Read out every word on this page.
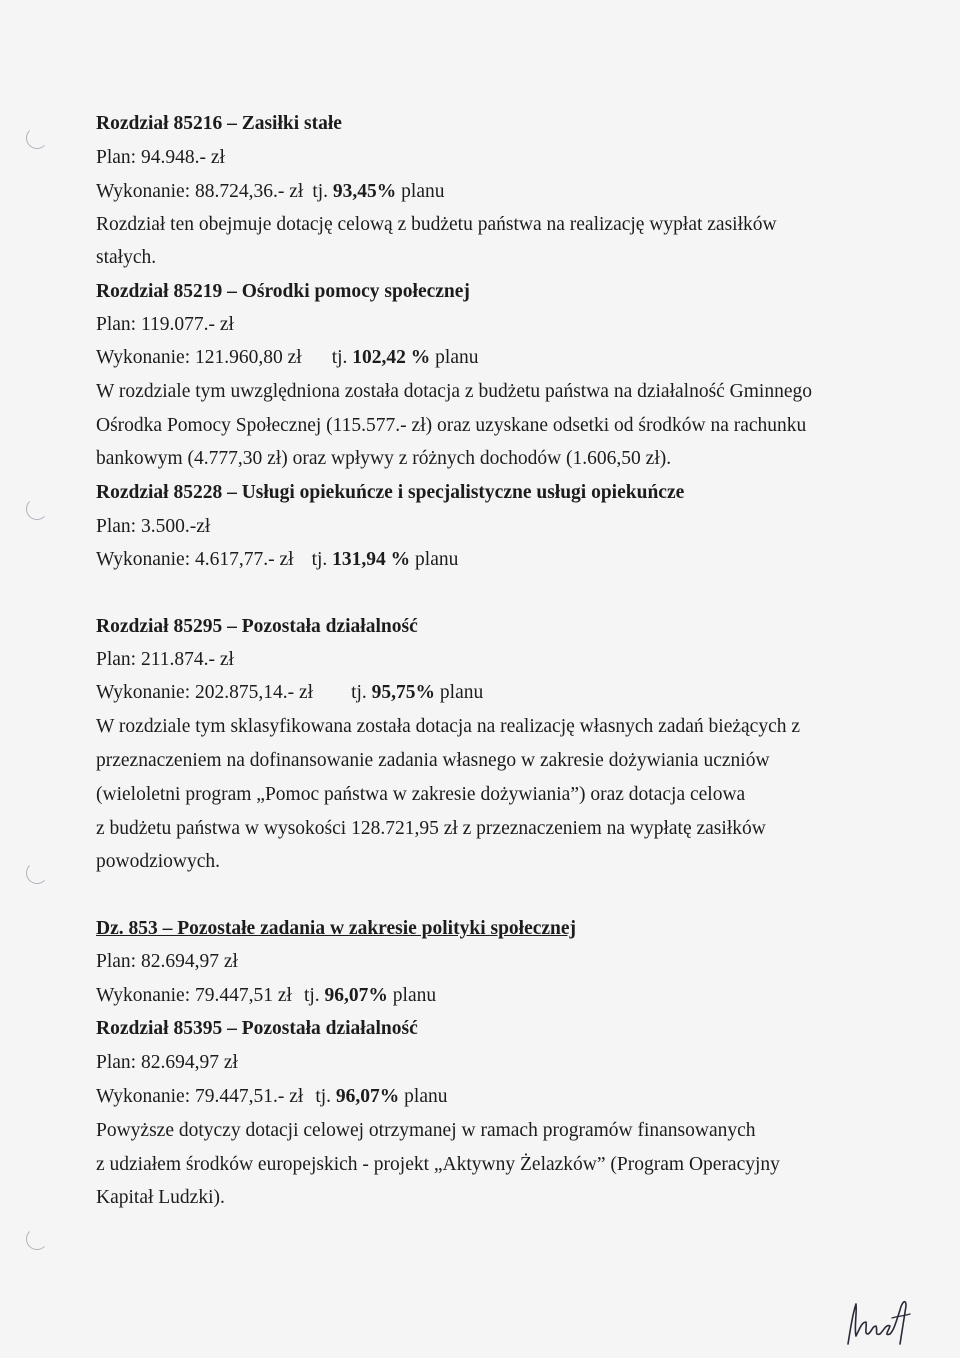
Rozdział 85216 – Zasiłki stałe
Plan: 94.948.- zł
Wykonanie: 88.724,36.- zł tj. 93,45% planu
Rozdział ten obejmuje dotację celową z budżetu państwa na realizację wypłat zasiłków
stałych.
Rozdział 85219 – Ośrodki pomocy społecznej
Plan: 119.077.- zł
Wykonanie: 121.960,80 zł tj. 102,42 % planu
W rozdziale tym uwzględniona została dotacja z budżetu państwa na działalność Gminnego
Ośrodka Pomocy Społecznej (115.577.- zł) oraz uzyskane odsetki od środków na rachunku
bankowym (4.777,30 zł) oraz wpływy z różnych dochodów (1.606,50 zł).
Rozdział 85228 – Usługi opiekuńcze i specjalistyczne usługi opiekuńcze
Plan: 3.500.-zł
Wykonanie: 4.617,77.- zł tj. 131,94 % planu
Rozdział 85295 – Pozostała działalność
Plan: 211.874.- zł
Wykonanie: 202.875,14.- zł tj. 95,75% planu
W rozdziale tym sklasyfikowana została dotacja na realizację własnych zadań bieżących z
przeznaczeniem na dofinansowanie zadania własnego w zakresie dożywiania uczniów
(wieloletni program „Pomoc państwa w zakresie dożywiania”) oraz dotacja celowa
z budżetu państwa w wysokości 128.721,95 zł z przeznaczeniem na wypłatę zasiłków
powodziowych.
Dz. 853 – Pozostałe zadania w zakresie polityki społecznej
Plan: 82.694,97 zł
Wykonanie: 79.447,51 zł tj. 96,07% planu
Rozdział 85395 – Pozostała działalność
Plan: 82.694,97 zł
Wykonanie: 79.447,51.- zł tj. 96,07% planu
Powyższe dotyczy dotacji celowej otrzymanej w ramach programów finansowanych
z udziałem środków europejskich - projekt „Aktywny Żelazków” (Program Operacyjny
Kapitał Ludzki).
